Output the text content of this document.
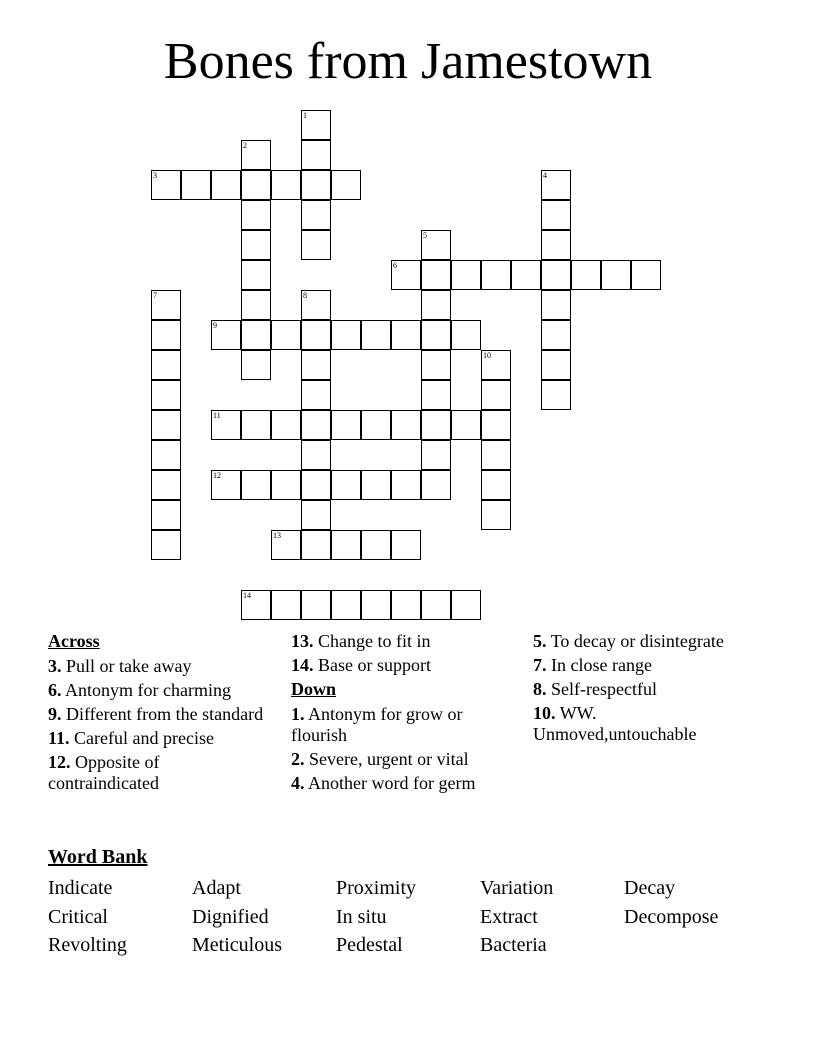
Bones from Jamestown
1
2
3	4
5
6
7	8
9
10
11
12
13
14
Across
3. Pull or take away
6. Antonym for charming
9. Different from the standard
11. Careful and precise
12. Opposite of contraindicated
13. Change to fit in
14. Base or support
Down
1. Antonym for grow or flourish
2. Severe, urgent or vital
4. Another word for germ
5. To decay or disintegrate
7. In close range
8. Self-respectful
10. WW. Unmoved,untouchable
Word Bank
Indicate	Adapt	Proximity	Variation	Decay
Critical	Dignified	In situ	Extract	Decompose
Revolting	Meticulous	Pedestal	Bacteria
